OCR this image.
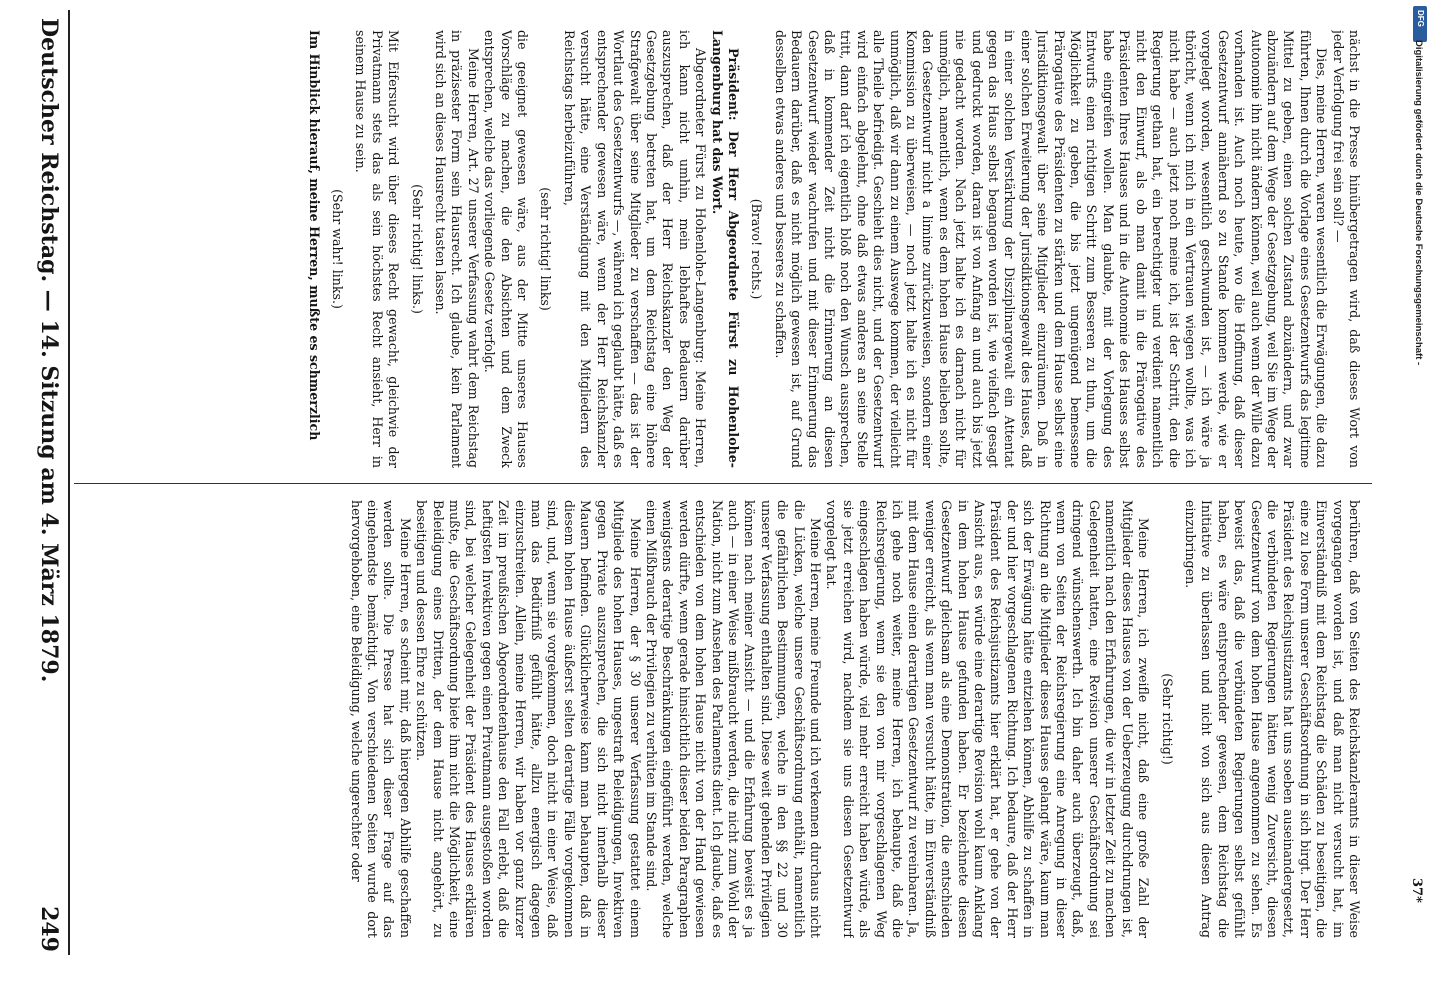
Deutscher Reichstag. — 14. Sitzung am 4. März 1879.
249

nächst in die Presse hinübergetragen wird, daß dieses Wort von jeder Verfolgung frei sein soll? —

Dies, meine Herren, waren wesentlich die Erwägungen, die dazu führten, Ihnen durch die Vorlage eines Gesetzentwurfs das legitime Mittel zu geben, einen solchen Zustand abzuändern, und zwar abzuändern auf dem Wege der Gesetzgebung, weil Sie im Wege der Autonomie ihn nicht ändern können, weil auch wenn der Wille dazu vorhanden ist. Auch noch heute, wo die Hoffnung, daß dieser Gesetzentwurf annähernd so zu Stande kommen werde, wie er vorgelegt worden, wesentlich geschwunden ist, — ich wäre ja thöricht, wenn ich mich in ein Vertrauen wiegen wollte, was ich nicht habe — auch jetzt noch meine ich, ist der Schritt, den die Regierung gethan hat, ein berechtigter und verdient namentlich nicht den Einwurf, als ob man damit in die Prärogative des Präsidenten Ihres Hauses und in die Autonomie des Hauses selbst habe eingreifen wollen. Man glaubte, mit der Vorlegung des Entwurfs einen richtigen Schritt zum Besseren zu thun, um die Möglichkeit zu geben, die bis jetzt ungenügend bemessene Prärogative des Präsidenten zu stärken und dem Hause selbst eine Jurisdiktionsgewalt über seine Mitglieder einzuräumen. Daß in einer solchen Erweiterung der Jurisdiktionsgewalt des Hauses, daß in einer solchen Verstärkung der Disziplinargewalt ein Attentat gegen das Haus selbst begangen worden ist, wie vielfach gesagt und gedruckt worden, daran ist von Anfang an und auch bis jetzt nie gedacht worden. Nach jetzt halte ich es darnach nicht für unmöglich, namentlich, wenn es dem hohen Hause belieben sollte, den Gesetzentwurf nicht a limine zurückzuweisen, sondern einer Kommission zu überweisen, — noch jetzt halte ich es nicht für unmöglich, daß wir dann zu einem Auswege kommen, der vielleicht alle Theile befriedigt. Geschieht dies nicht, und der Gesetzentwurf wird einfach abgelehnt, ohne daß etwas anderes an seine Stelle tritt, dann darf ich eigentlich bloß noch den Wunsch aussprechen, daß in kommender Zeit nicht die Erinnerung an diesen Gesetzentwurf wieder wachrufen und mit dieser Erinnerung das Bedauern darüber, daß es nicht möglich gewesen ist, auf Grund desselben etwas anderes und besseres zu schaffen.

(Bravo! rechts.)

Präsident: Der Herr Abgeordnete Fürst zu Hohenlohe-Langenburg hat das Wort.

Abgeordneter Fürst zu Hohenlohe-Langenburg: Meine Herren, ich kann nicht umhin, mein lebhaftes Bedauern darüber auszusprechen, daß der Herr Reichskanzler den Weg der Gesetzgebung betreten hat, um dem Reichstag eine höhere Strafgewalt über seine Mitglieder zu verschaffen — das ist der Wortlaut des Gesetzentwurfs —, während ich geglaubt hätte, daß es entsprechender gewesen wäre, wenn der Herr Reichskanzler versucht hätte, eine Verständigung mit den Mitgliedern des Reichstags herbeizuführen,

(sehr richtig! links)

die geeignet gewesen wäre, aus der Mitte unseres Hauses Vorschläge zu machen, die den Absichten und dem Zweck entsprechen, welche das vorliegende Gesetz verfolgt.

Meine Herren, Art. 27 unserer Verfassung wahrt dem Reichstag in präzisester Form sein Hausrecht. Ich glaube, kein Parlament wird sich an dieses Hausrecht tasten lassen.

(Sehr richtig! links.)

Mit Eifersucht wird über dieses Recht gewacht, gleichwie der Privatmann stets das als sein höchstes Recht ansieht, Herr in seinem Hause zu sein.

(Sehr wahr! links.)

Im Hinblick hierauf, meine Herren, mußte es schmerzlich

berühren, daß von Seiten des Reichskanzleramts in dieser Weise vorgegangen worden ist, und daß man nicht versucht hat, im Einverständniß mit dem Reichstag die Schäden zu beseitigen, die eine zu lose Form unserer Geschäftsordnung in sich birgt. Der Herr Präsident des Reichsjustizamts hat uns soeben auseinandergesetzt, die verbündeten Regierungen hätten wenig Zuversicht, diesen Gesetzentwurf von dem hohen Hause angenommen zu sehen. Es beweist das, daß die verbündeten Regierungen selbst gefühlt haben, es wäre entsprechender gewesen, dem Reichstag die Initiative zu überlassen und nicht von sich aus diesen Antrag einzubringen.

(Sehr richtig!)

Meine Herren, ich zweifle nicht, daß eine große Zahl der Mitglieder dieses Hauses von der Ueberzeugung durchdrungen ist, namentlich nach den Erfahrungen, die wir in letzter Zeit zu machen Gelegenheit hatten, eine Revision unserer Geschäftsordnung sei dringend wünschenswerth. Ich bin daher auch überzeugt, daß, wenn von Seiten der Reichsregierung eine Anregung in dieser Richtung an die Mitglieder dieses Hauses gelangt wäre, kaum man sich der Erwägung hätte entziehen können, Abhilfe zu schaffen in der und hier vorgeschlagenen Richtung. Ich bedaure, daß der Herr Präsident des Reichsjustizamts hier erklärt hat, er gehe von der Ansicht aus, es würde eine derartige Revision wohl kaum Anklang in dem hohen Hause gefunden haben. Er bezeichnete diesen Gesetzentwurf gleichsam als eine Demonstration, die entschieden weniger erreicht, als wenn man versucht hätte, im Einverständniß mit dem Hause einen derartigen Gesetzentwurf zu vereinbaren. Ja, ich gehe noch weiter, meine Herren, ich behaupte, daß die Reichsregierung, wenn sie den von mir vorgeschlagenen Weg eingeschlagen haben würde, viel mehr erreicht haben würde, als sie jetzt erreichen wird, nachdem sie uns diesen Gesetzentwurf vorgelegt hat.

Meine Herren, meine Freunde und ich verkennen durchaus nicht die Lücken, welche unsere Geschäftsordnung enthält, namentlich die gefährlichen Bestimmungen, welche in den §§ 22 und 30 unserer Verfassung enthalten sind. Diese weit gehenden Privilegien können nach meiner Ansicht — und die Erfahrung beweist es ja auch — in einer Weise mißbraucht werden, die nicht zum Wohl der Nation, nicht zum Ansehen des Parlaments dient. Ich glaube, daß es entschieden von dem hohen Hause nicht von der Hand gewiesen werden dürfte, wenn gerade hinsichtlich dieser beiden Paragraphen wenigstens derartige Beschränkungen eingeführt werden, welche einen Mißbrauch der Privilegien zu verhüten im Stande sind.

Meine Herren, der § 30 unserer Verfassung gestattet einem Mitgliede des hohen Hauses, ungestraft Beleidigungen, Invektiven gegen Private auszusprechen, die sich nicht innerhalb dieser Mauern befinden. Glücklicherweise kann man behaupten, daß in diesem hohen Hause äußerst selten derartige Fälle vorgekommen sind, und, wenn sie vorgekommen, doch nicht in einer Weise, daß man das Bedürfniß gefühlt hätte, allzu energisch dagegen einzuschreiten. Allein, meine Herren, wir haben vor ganz kurzer Zeit im preußischen Abgeordnetenhause den Fall erlebt, daß die heftigsten Invektiven gegen einen Privatmann ausgestoßen worden sind, bei welcher Gelegenheit der Präsident des Hauses erklären mußte, die Geschäftsordnung biete ihm nicht die Möglichkeit, eine Beleidigung eines Dritten, der dem Hause nicht angehört, zu beseitigen und dessen Ehre zu schützen.

Meine Herren, es scheint mir, daß hiergegen Abhilfe geschaffen werden sollte. Die Presse hat sich dieser Frage auf das eingehendste bemächtigt. Von verschiedenen Seiten wurde dort hervorgehoben, eine Beleidigung, welche ungerechter oder

37*
DFG
Digitalisierung gefördert durch die Deutsche Forschungsgemeinschaft -
